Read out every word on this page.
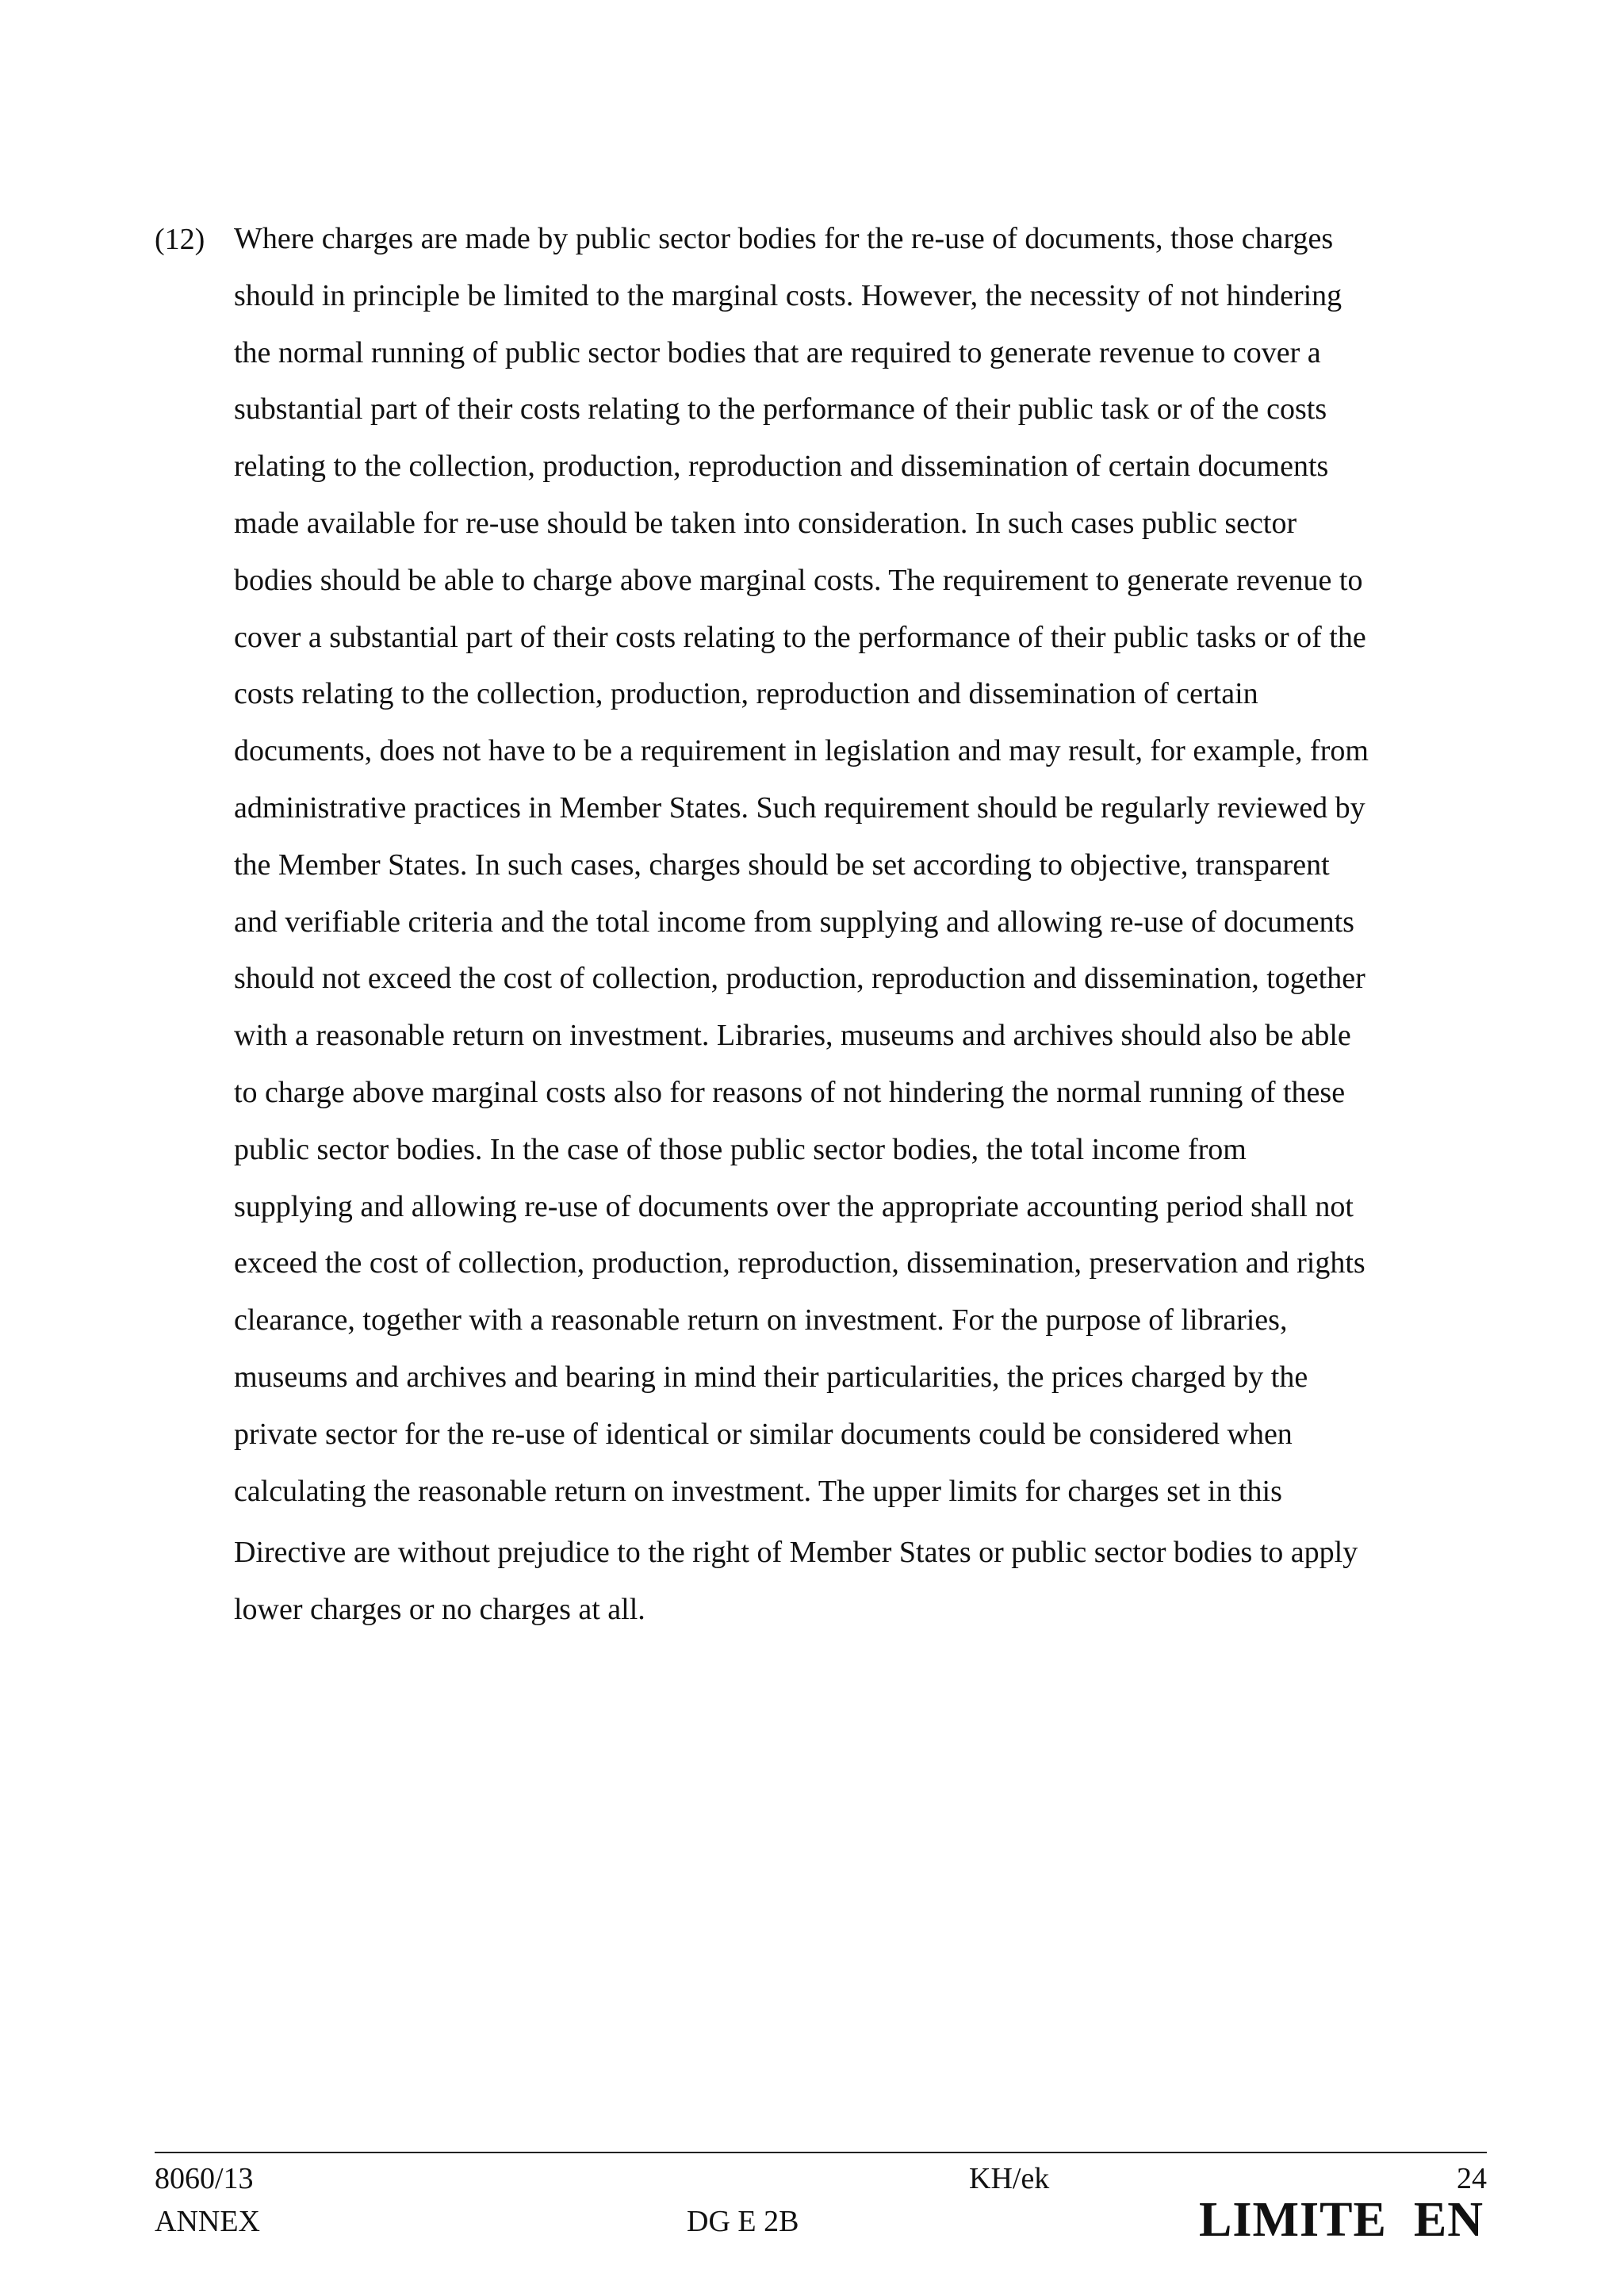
(12) Where charges are made by public sector bodies for the re-use of documents, those charges
should in principle be limited to the marginal costs. However, the necessity of not hindering
the normal running of public sector bodies that are required to generate revenue to cover a
substantial part of their costs relating to the performance of their public task or of the costs
relating to the collection, production, reproduction and dissemination of certain documents
made available for re-use should be taken into consideration. In such cases public sector
bodies should be able to charge above marginal costs. The requirement to generate revenue to
cover a substantial part of their costs relating to the performance of their public tasks or of the
costs relating to the collection, production, reproduction and dissemination of certain
documents, does not have to be a requirement in legislation and may result, for example, from
administrative practices in Member States. Such requirement should be regularly reviewed by
the Member States. In such cases, charges should be set according to objective, transparent
and verifiable criteria and the total income from supplying and allowing re-use of documents
should not exceed the cost of collection, production, reproduction and dissemination, together
with a reasonable return on investment. Libraries, museums and archives should also be able
to charge above marginal costs also for reasons of not hindering the normal running of these
public sector bodies. In the case of those public sector bodies, the total income from
supplying and allowing re-use of documents over the appropriate accounting period shall not
exceed the cost of collection, production, reproduction, dissemination, preservation and rights
clearance, together with a reasonable return on investment. For the purpose of libraries,
museums and archives and bearing in mind their particularities, the prices charged by the
private sector for the re-use of identical or similar documents could be considered when
calculating the reasonable return on investment. The upper limits for charges set in this
Directive are without prejudice to the right of Member States or public sector bodies to apply
lower charges or no charges at all.
8060/13
ANNEX
KH/ek
DG E 2B
24
LIMITE EN
